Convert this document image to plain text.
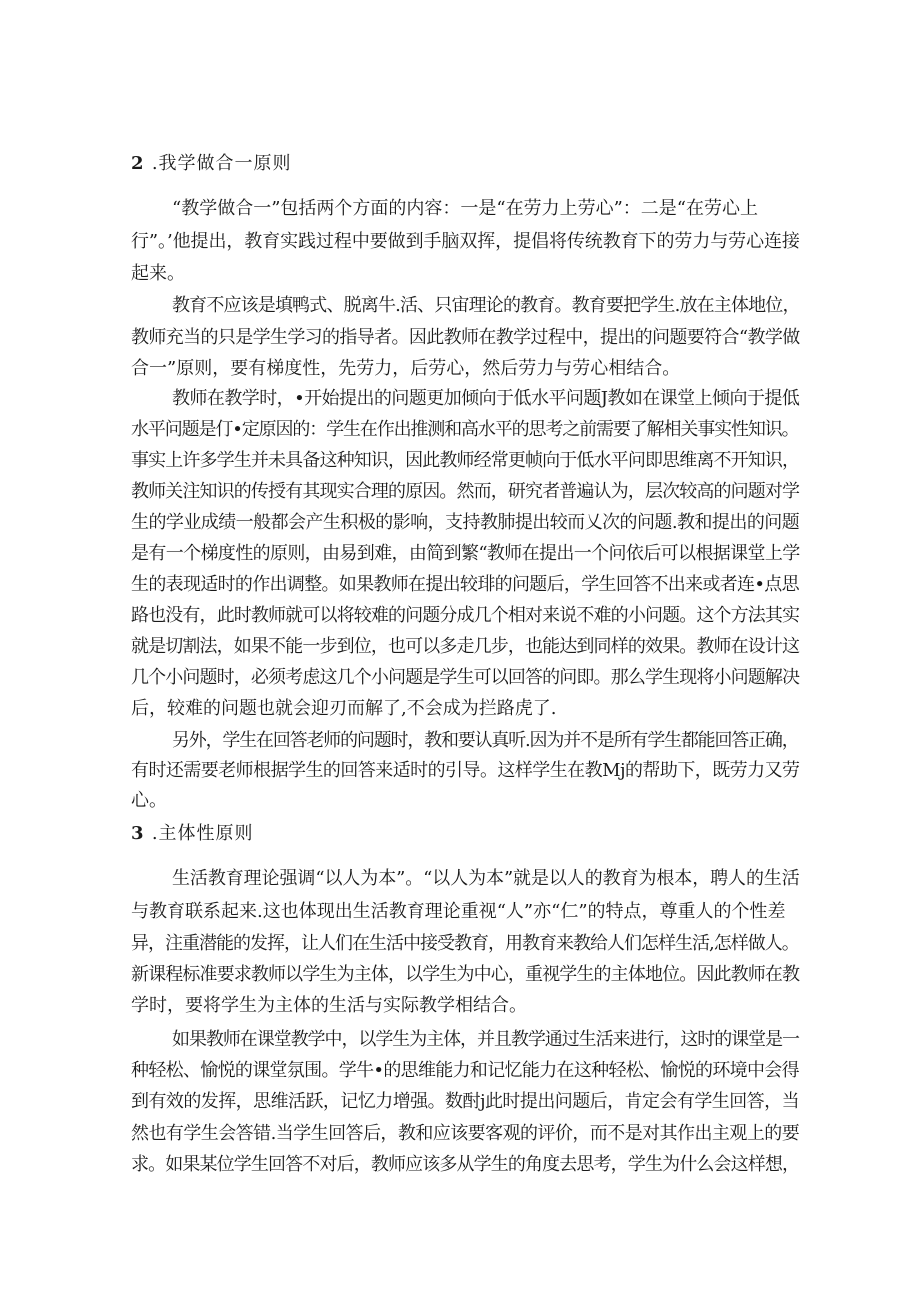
2 .我学做合一原则
“教学做合一”包括两个方面的内容：一是“在劳力上劳心”：二是“在劳心上
行”。’他提出，教育实践过程中要做到手脑双挥，提倡将传统教育下的劳力与劳心连接
起来。
教育不应该是填鸭式、脱离牛.活、只宙理论的教育。教育要把学生.放在主体地位，
教师充当的只是学生学习的指导者。因此教师在教学过程中，提出的问题要符合“教学做
合一”原则，要有梯度性，先劳力，后劳心，然后劳力与劳心相结合。
教师在教学时，•开始提出的问题更加倾向于低水平问题J教如在课堂上倾向于提低
水平问题是仃•定原因的：学生在作出推测和高水平的思考之前需要了解相关事实性知识。
事实上许多学生并未具备这种知识，因此教师经常更帧向于低水平问即思维离不开知识，
教师关注知识的传授有其现实合理的原因。然而，研究者普遍认为，层次较高的问题对学
生的学业成绩一般都会产生积极的影响，支持教肺提出较而乂次的问题.教和提出的问题
是有一个梯度性的原则，由易到难，由简到繁“教师在提出一个问依后可以根据课堂上学
生的表现适时的作出调整。如果教师在提出较琲的问题后，学生回答不出来或者连•点思
路也没有，此时教师就可以将较难的问题分成几个相对来说不难的小问题。这个方法其实
就是切割法，如果不能一步到位，也可以多走几步，也能达到同样的效果。教师在设计这
几个小问题时，必须考虑这几个小问题是学生可以回答的问即。那么学生现将小问题解决
后，较难的问题也就会迎刃而解了,不会成为拦路虎了.
另外，学生在回答老师的问题时，教和要认真听.因为并不是所有学生都能回答正确，
有时还需要老师根据学生的回答来适时的引导。这样学生在教Mj的帮助下，既劳力又劳
心。
3 .主体性原则
生活教育理论强调“以人为本”。“以人为本”就是以人的教育为根本，聘人的生活
与教育联系起来.这也体现出生活教育理论重视“人”亦“仁”的特点，尊重人的个性差
异，注重潜能的发挥，让人们在生活中接受教育，用教育来教给人们怎样生活,怎样做人。
新课程标准要求教师以学生为主体，以学生为中心，重视学生的主体地位。因此教师在教
学时，要将学生为主体的生活与实际教学相结合。
如果教师在课堂教学中，以学生为主体，并且教学通过生活来进行，这时的课堂是一
种轻松、愉悦的课堂氛围。学牛•的思维能力和记忆能力在这种轻松、愉悦的环境中会得
到有效的发挥，思维活跃，记忆力增强。数酎j此时提出问题后，肯定会有学生回答，当
然也有学生会答错.当学生回答后，教和应该要客观的评价，而不是对其作出主观上的要
求。如果某位学生回答不对后，教师应该多从学生的角度去思考，学生为什么会这样想，
